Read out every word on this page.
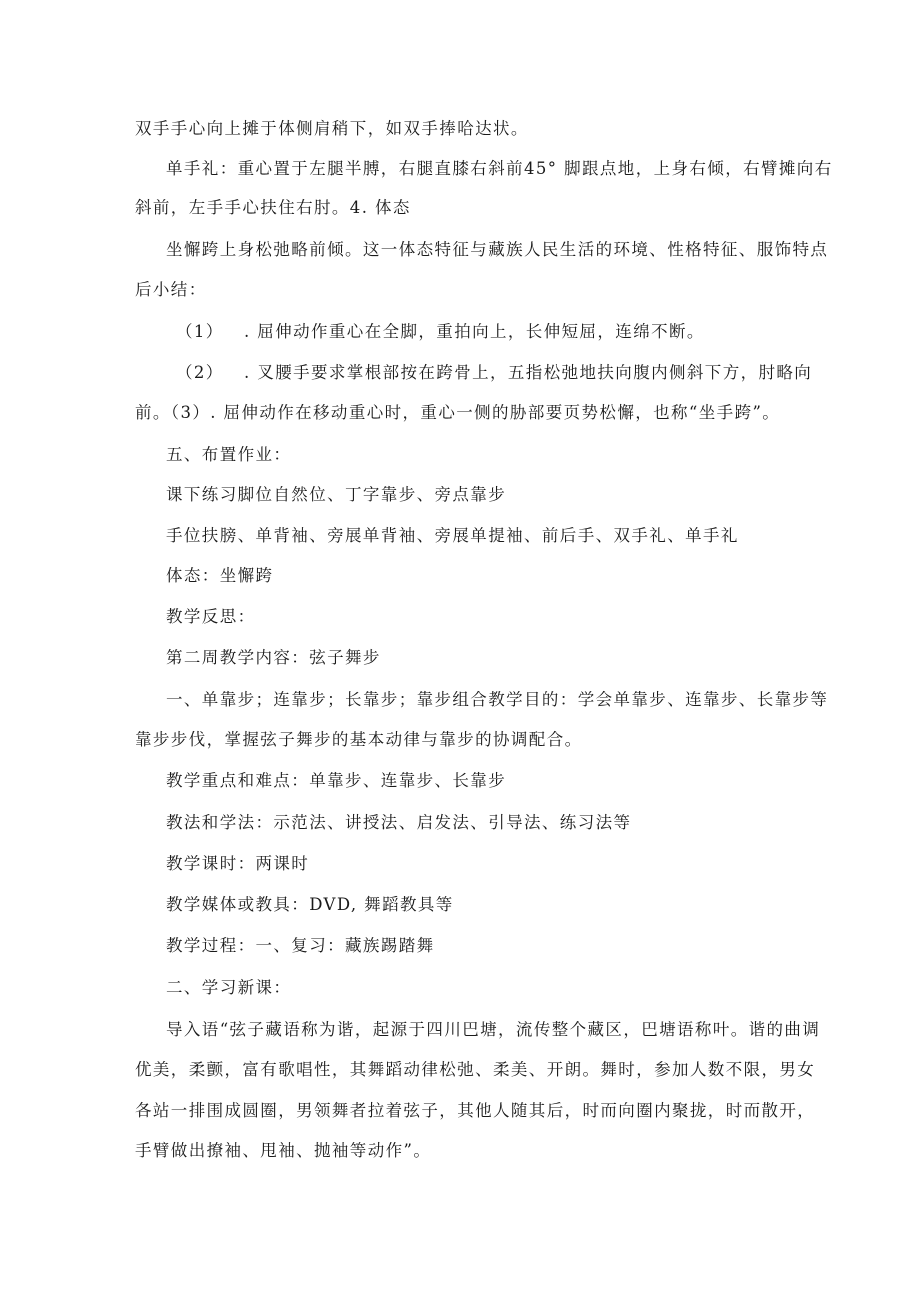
双手手心向上摊于体侧肩稍下，如双手捧哈达状。
单手礼：重心置于左腿半膊，右腿直膝右斜前45° 脚跟点地，上身右倾，右臂摊向右
斜前，左手手心扶住右肘。4. 体态
坐懈跨上身松弛略前倾。这一体态特征与藏族人民生活的环境、性格特征、服饰特点
后小结：
（1） . 屈伸动作重心在全脚，重拍向上，长伸短屈，连绵不断。
（2） . 叉腰手要求掌根部按在跨骨上，五指松弛地扶向腹内侧斜下方，肘略向
前。（3）. 屈伸动作在移动重心时，重心一侧的胁部要页势松懈，也称“坐手跨”。
五、布置作业：
课下练习脚位自然位、丁字靠步、旁点靠步
手位扶膀、单背袖、旁展单背袖、旁展单提袖、前后手、双手礼、单手礼
体态：坐懈跨
教学反思：
第二周教学内容：弦子舞步
一、单靠步；连靠步；长靠步；靠步组合教学目的：学会单靠步、连靠步、长靠步等
靠步步伐，掌握弦子舞步的基本动律与靠步的协调配合。
教学重点和难点：单靠步、连靠步、长靠步
教法和学法：示范法、讲授法、启发法、引导法、练习法等
教学课时：两课时
教学媒体或教具：DVD, 舞蹈教具等
教学过程：一、复习：藏族踢踏舞
二、学习新课：
导入语“弦子藏语称为谐，起源于四川巴塘，流传整个藏区，巴塘语称叶。谐的曲调
优美，柔颤，富有歌唱性，其舞蹈动律松弛、柔美、开朗。舞时，参加人数不限，男女
各站一排围成圆圈，男领舞者拉着弦子，其他人随其后，时而向圈内聚拢，时而散开，
手臂做出撩袖、甩袖、抛袖等动作”。
